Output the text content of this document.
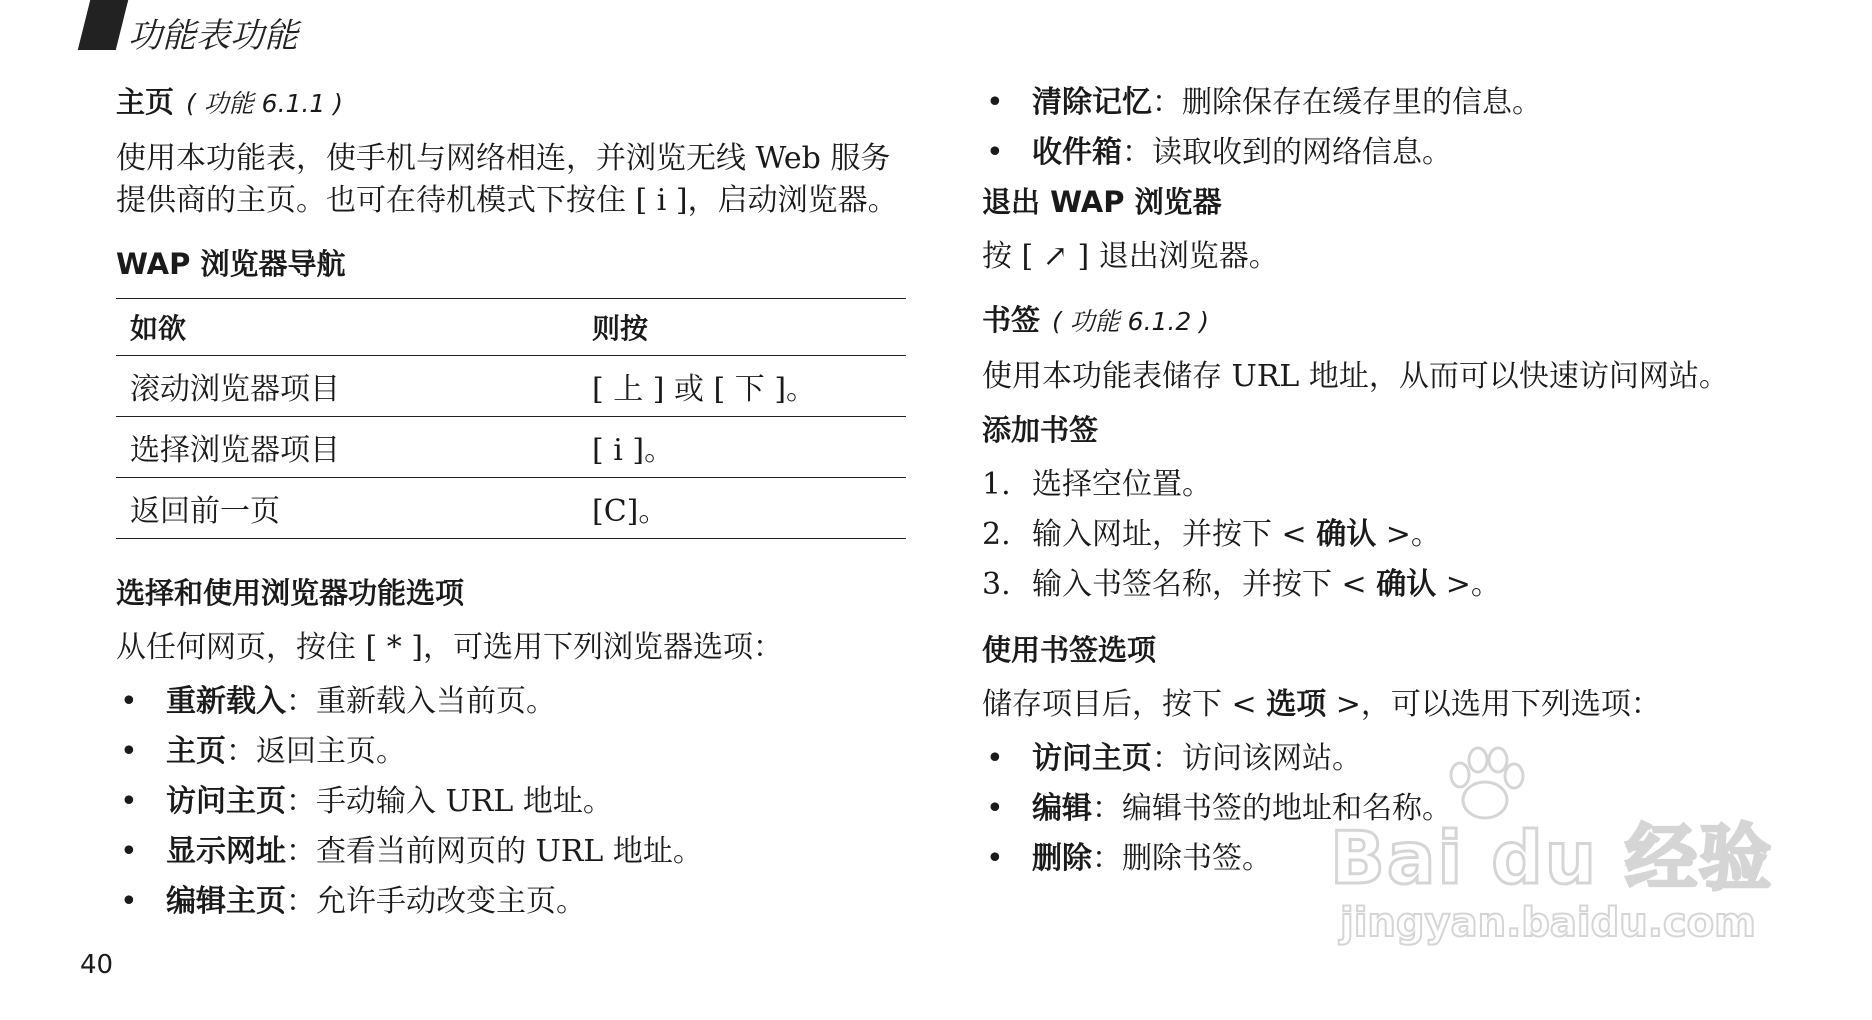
功能表功能
主页 ( 功能 6.1.1 )
使用本功能表，使手机与网络相连，并浏览无线 Web 服务提供商的主页。也可在待机模式下按住 [ i ]，启动浏览器。
WAP 浏览器导航
如欲	则按
滚动浏览器项目	[ 上 ] 或 [ 下 ]。
选择浏览器项目	[ i ]。
返回前一页	[C]。
选择和使用浏览器功能选项
从任何网页，按住 [ * ]，可选用下列浏览器选项：
• 重新载入：重新载入当前页。
• 主页：返回主页。
• 访问主页：手动输入 URL 地址。
• 显示网址：查看当前网页的 URL 地址。
• 编辑主页：允许手动改变主页。
40
• 清除记忆：删除保存在缓存里的信息。
• 收件箱：读取收到的网络信息。
退出 WAP 浏览器
按 [ ↗ ] 退出浏览器。
书签 ( 功能 6.1.2 )
使用本功能表储存 URL 地址，从而可以快速访问网站。
添加书签
1. 选择空位置。
2. 输入网址，并按下 < 确认 >。
3. 输入书签名称，并按下 < 确认 >。
使用书签选项
储存项目后，按下 < 选项 >，可以选用下列选项：
• 访问主页：访问该网站。
• 编辑：编辑书签的地址和名称。
• 删除：删除书签。 Bai du 经验
jingyan.baidu.com
